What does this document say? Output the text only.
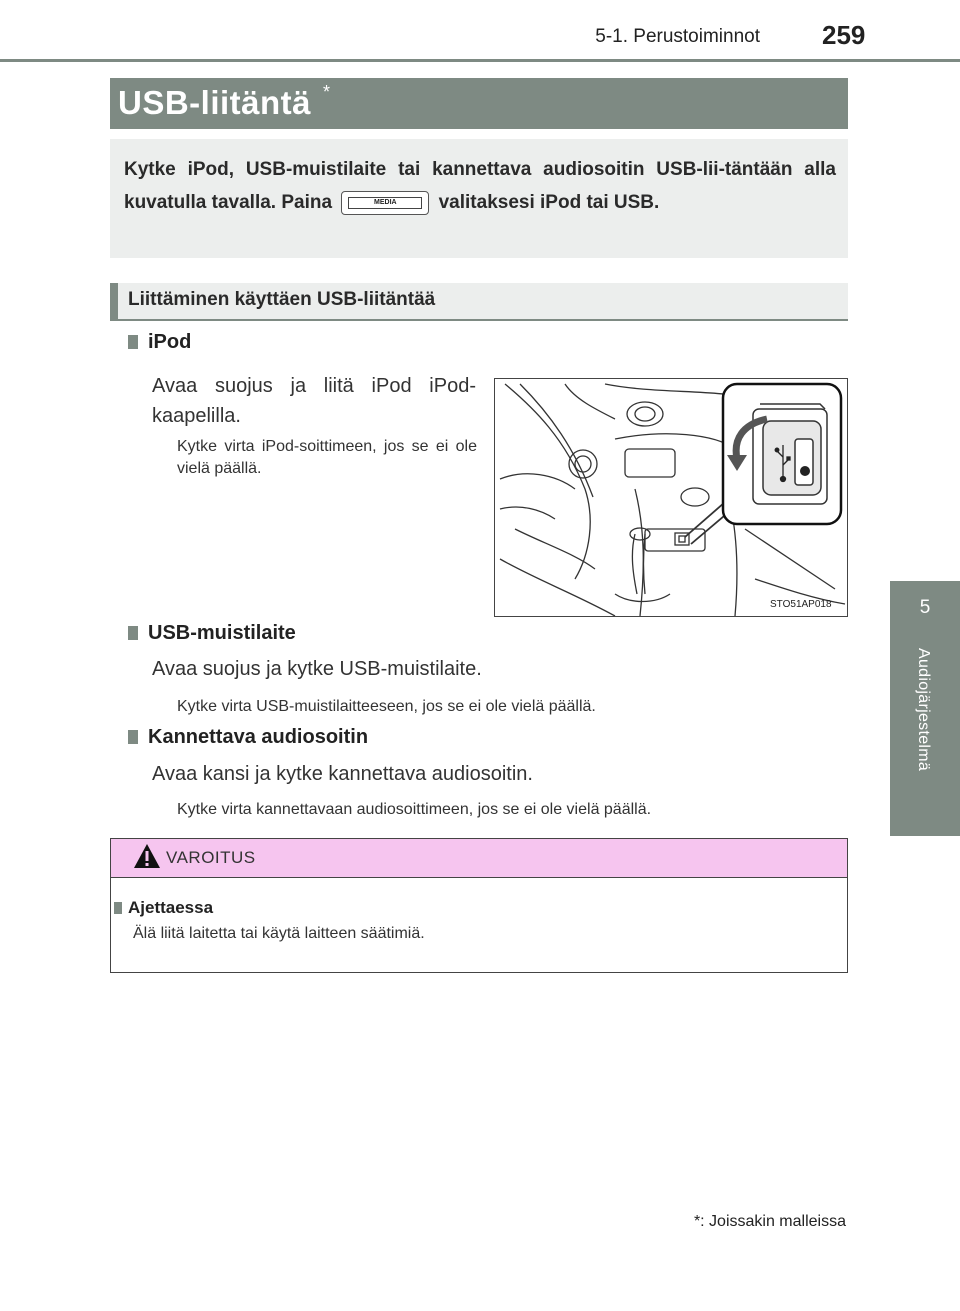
5-1. Perustoiminnot 259
5
Audiojärjestelmä
USB-liitäntä *
Kytke iPod, USB-muistilaite tai kannettava audiosoitin USB-lii-täntään alla kuvatulla tavalla. Paina	MEDIA	valitaksesi iPod tai USB.
Liittäminen käyttäen USB-liitäntää
iPod
Avaa suojus ja liitä iPod iPod-kaapelilla.
Kytke virta iPod-soittimeen, jos se ei ole vielä päällä.
STO51AP018
USB-muistilaite
Avaa suojus ja kytke USB-muistilaite.
Kytke virta USB-muistilaitteeseen, jos se ei ole vielä päällä.
Kannettava audiosoitin
Avaa kansi ja kytke kannettava audiosoitin.
Kytke virta kannettavaan audiosoittimeen, jos se ei ole vielä päällä.
VAROITUS
Ajettaessa
Älä liitä laitetta tai käytä laitteen säätimiä.
*: Joissakin malleissa
